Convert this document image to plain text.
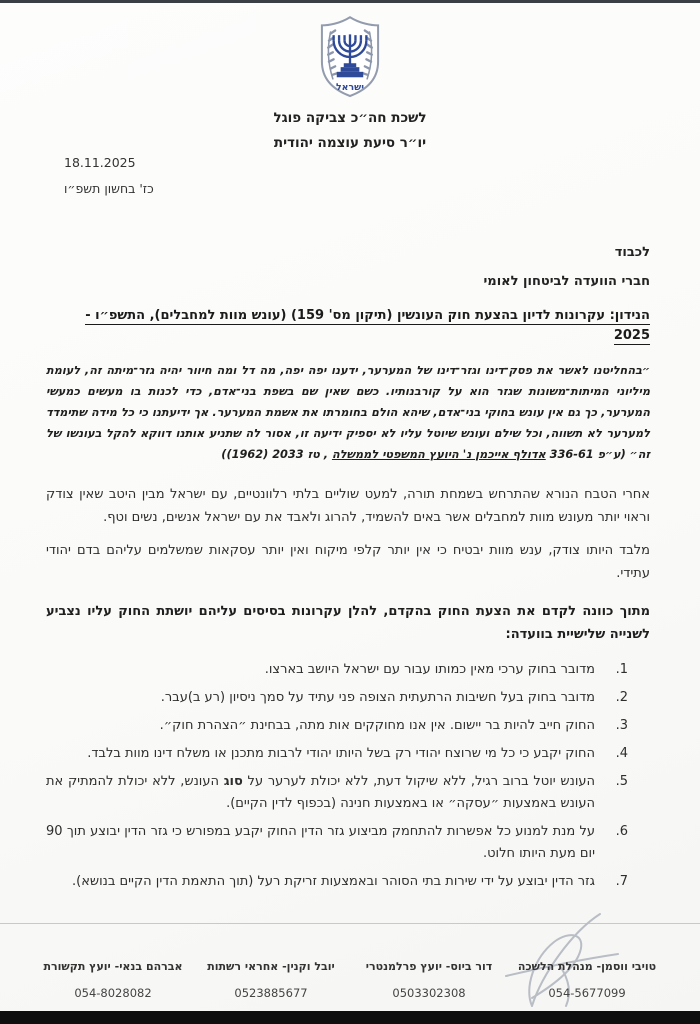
ישראל
לשכת חה״כ צביקה פוגל
יו״ר סיעת עוצמה יהודית
18.11.2025
כז' בחשון תשפ״ו
לכבוד
חברי הוועדה לביטחון לאומי
הנידון: עקרונות לדיון בהצעת חוק העונשין (תיקון מס' 159) (עונש מוות למחבלים), התשפ״ו - 2025

״בהחליטנו לאשר את פסק־דינו וגזר־דינו של המערער, ידענו יפה יפה, מה דל ומה חיוור יהיה גזר־מיתה זה, לעומת מיליוני המיתות־משונות שגזר הוא על קורבנותיו. כשם שאין שם בשפת בני־אדם, כדי לכנות בו מעשים כמעשי המערער, כך גם אין עונש בחוקי בני־אדם, שיהא הולם בחומרתו את אשמת המערער. אך ידיעתנו כי כל מידה שתימדד למערער לא תשווה, וכל שילם ועונש שיוטל עליו לא יספיק ידיעה זו, אסור לה שתניע אותנו דווקא להקל בעונשו של זה״ (ע״פ 336-61 אדולף אייכמן נ' היועץ המשפטי לממשלה , טז 2033 (1962))

אחרי הטבח הנורא שהתרחש בשמחת תורה, למעט שוליים בלתי רלוונטיים, עם ישראל מבין היטב שאין צודק וראוי יותר מעונש מוות למחבלים אשר באים להשמיד, להרוג ולאבד את עם ישראל אנשים, נשים וטף.

מלבד היותו צודק, ענש מוות יבטיח כי אין יותר קלפי מיקוח ואין יותר עסקאות שמשלמים עליהם בדם יהודי עתידי.

מתוך כוונה לקדם את הצעת החוק בהקדם, להלן עקרונות בסיסים עליהם יושתת החוק עליו נצביע לשנייה שלישיית בוועדה:

1.
מדובר בחוק ערכי מאין כמותו עבור עם ישראל היושב בארצו.
2.
מדובר בחוק בעל חשיבות הרתעתית הצופה פני עתיד על סמך ניסיון (רע ב)עבר.
3.
החוק חייב להיות בר יישום. אין אנו מחוקקים אות מתה, בבחינת ״הצהרת חוק״.
4.
החוק יקבע כי כל מי שרוצח יהודי רק בשל היותו יהודי לרבות מתכנן או משלח דינו מוות בלבד.
5.
העונש יוטל ברוב רגיל, ללא שיקול דעת, ללא יכולת לערער על סוג העונש, ללא יכולת להמתיק את העונש באמצעות ״עסקה״ או באמצעות חנינה (בכפוף לדין הקיים).
6.
על מנת למנוע כל אפשרות להתחמק מביצוע גזר הדין החוק יקבע במפורש כי גזר הדין יבוצע תוך 90 יום מעת היותו חלוט.
7.
גזר הדין יבוצע על ידי שירות בתי הסוהר ובאמצעות זריקת רעל (תוך התאמת הדין הקיים בנושא).
טויבי ווסמן- מנהלת הלשכה
054-5677099
דור ביוס- יועץ פרלמנטרי
0503302308
יובל וקנין- אחראי רשתות
0523885677
אברהם בנאי- יועץ תקשורת
054-8028082
